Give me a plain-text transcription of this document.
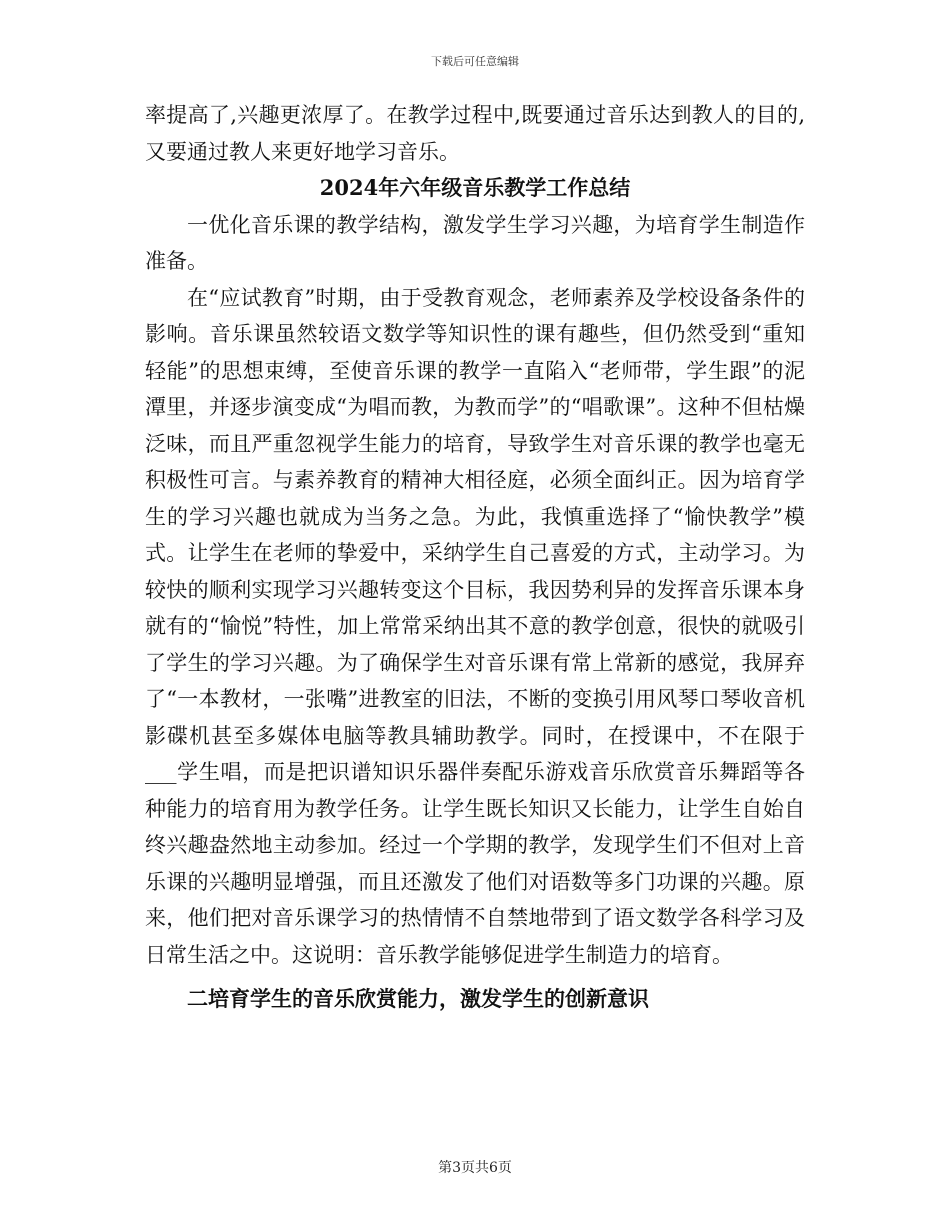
下载后可任意编辑

率提高了,兴趣更浓厚了。在教学过程中,既要通过音乐达到教人的目的,又要通过教人来更好地学习音乐。

2024年六年级音乐教学工作总结

一优化音乐课的教学结构，激发学生学习兴趣，为培育学生制造作准备。

在“应试教育”时期，由于受教育观念，老师素养及学校设备条件的影响。音乐课虽然较语文数学等知识性的课有趣些，但仍然受到“重知轻能”的思想束缚，至使音乐课的教学一直陷入“老师带，学生跟”的泥潭里，并逐步演变成“为唱而教，为教而学”的“唱歌课”。这种不但枯燥泛味，而且严重忽视学生能力的培育，导致学生对音乐课的教学也毫无积极性可言。与素养教育的精神大相径庭，必须全面纠正。因为培育学生的学习兴趣也就成为当务之急。为此，我慎重选择了“愉快教学”模式。让学生在老师的挚爱中，采纳学生自己喜爱的方式，主动学习。为较快的顺利实现学习兴趣转变这个目标，我因势利异的发挥音乐课本身就有的“愉悦”特性，加上常常采纳出其不意的教学创意，很快的就吸引了学生的学习兴趣。为了确保学生对音乐课有常上常新的感觉，我屏弃了“一本教材，一张嘴”进教室的旧法，不断的变换引用风琴口琴收音机影碟机甚至多媒体电脑等教具辅助教学。同时，在授课中，不在限于___学生唱，而是把识谱知识乐器伴奏配乐游戏音乐欣赏音乐舞蹈等各种能力的培育用为教学任务。让学生既长知识又长能力，让学生自始自终兴趣盎然地主动参加。经过一个学期的教学，发现学生们不但对上音乐课的兴趣明显增强，而且还激发了他们对语数等多门功课的兴趣。原来，他们把对音乐课学习的热情情不自禁地带到了语文数学各科学习及日常生活之中。这说明：音乐教学能够促进学生制造力的培育。

二培育学生的音乐欣赏能力，激发学生的创新意识

第3页共6页
